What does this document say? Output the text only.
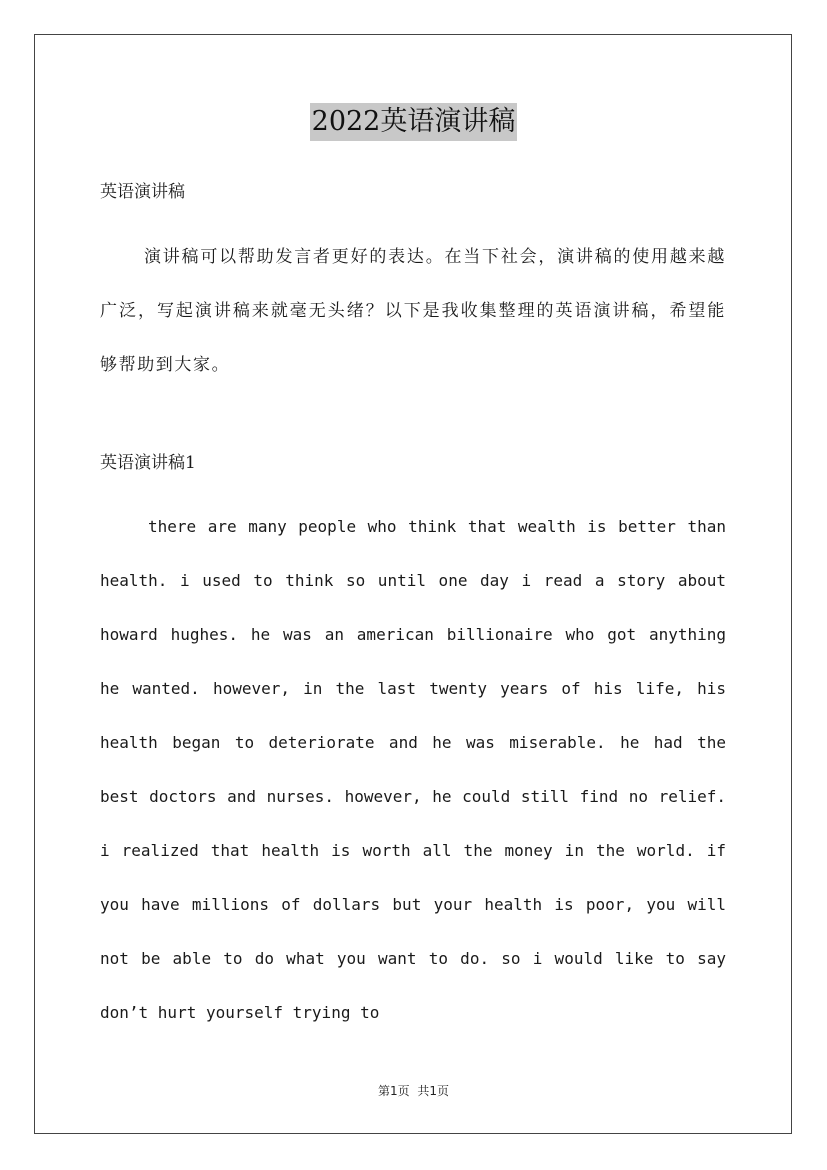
2022英语演讲稿
英语演讲稿

演讲稿可以帮助发言者更好的表达。在当下社会，演讲稿的使用越来越广泛，写起演讲稿来就毫无头绪？以下是我收集整理的英语演讲稿，希望能够帮助到大家。

英语演讲稿1

there are many people who think that wealth is better than health. i used to think so until one day i read a story about howard hughes. he was an american billionaire who got anything he wanted. however, in the last twenty years of his life, his health began to deteriorate and he was miserable. he had the best doctors and nurses. however, he could still find no relief. i realized that health is worth all the money in the world. if you have millions of dollars but your health is poor, you will not be able to do what you want to do. so i would like to say don’t hurt yourself trying to

第1页 共1页
